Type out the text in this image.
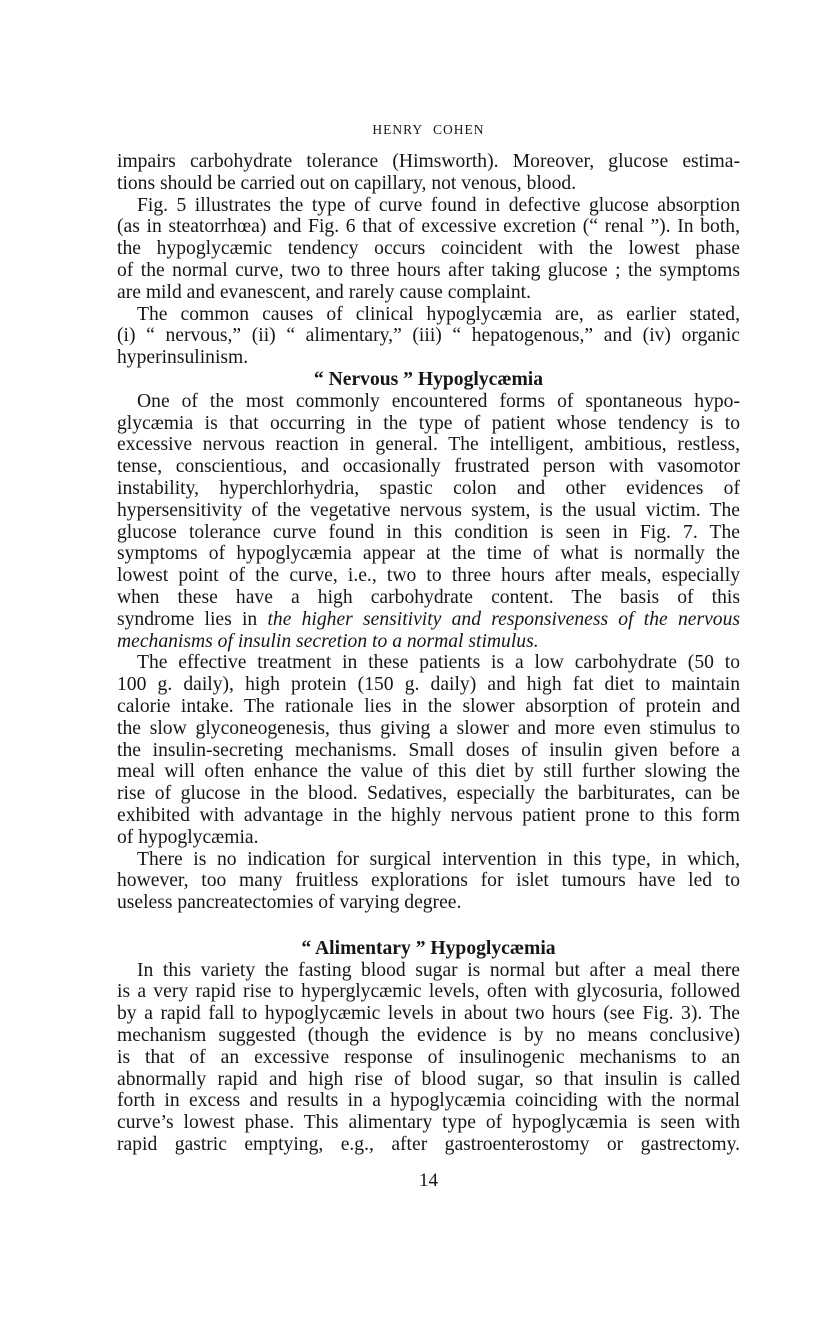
HENRY COHEN
impairs carbohydrate tolerance (Himsworth). Moreover, glucose estima-
tions should be carried out on capillary, not venous, blood.
Fig. 5 illustrates the type of curve found in defective glucose absorption
(as in steatorrhœa) and Fig. 6 that of excessive excretion (“ renal ”). In both,
the hypoglycæmic tendency occurs coincident with the lowest phase
of the normal curve, two to three hours after taking glucose ; the symptoms
are mild and evanescent, and rarely cause complaint.
The common causes of clinical hypoglycæmia are, as earlier stated,
(i) “ nervous,” (ii) “ alimentary,” (iii) “ hepatogenous,” and (iv) organic
hyperinsulinism.
“ Nervous ” Hypoglycæmia
One of the most commonly encountered forms of spontaneous hypo-
glycæmia is that occurring in the type of patient whose tendency is to
excessive nervous reaction in general. The intelligent, ambitious, restless,
tense, conscientious, and occasionally frustrated person with vasomotor
instability, hyperchlorhydria, spastic colon and other evidences of
hypersensitivity of the vegetative nervous system, is the usual victim. The
glucose tolerance curve found in this condition is seen in Fig. 7. The
symptoms of hypoglycæmia appear at the time of what is normally the
lowest point of the curve, i.e., two to three hours after meals, especially
when these have a high carbohydrate content. The basis of this
syndrome lies in the higher sensitivity and responsiveness of the nervous
mechanisms of insulin secretion to a normal stimulus.
The effective treatment in these patients is a low carbohydrate (50 to
100 g. daily), high protein (150 g. daily) and high fat diet to maintain
calorie intake. The rationale lies in the slower absorption of protein and
the slow glyconeogenesis, thus giving a slower and more even stimulus to
the insulin-secreting mechanisms. Small doses of insulin given before a
meal will often enhance the value of this diet by still further slowing the
rise of glucose in the blood. Sedatives, especially the barbiturates, can be
exhibited with advantage in the highly nervous patient prone to this form
of hypoglycæmia.
There is no indication for surgical intervention in this type, in which,
however, too many fruitless explorations for islet tumours have led to
useless pancreatectomies of varying degree.
“ Alimentary ” Hypoglycæmia
In this variety the fasting blood sugar is normal but after a meal there
is a very rapid rise to hyperglycæmic levels, often with glycosuria, followed
by a rapid fall to hypoglycæmic levels in about two hours (see Fig. 3). The
mechanism suggested (though the evidence is by no means conclusive)
is that of an excessive response of insulinogenic mechanisms to an
abnormally rapid and high rise of blood sugar, so that insulin is called
forth in excess and results in a hypoglycæmia coinciding with the normal
curve’s lowest phase. This alimentary type of hypoglycæmia is seen with
rapid gastric emptying, e.g., after gastroenterostomy or gastrectomy.
14
